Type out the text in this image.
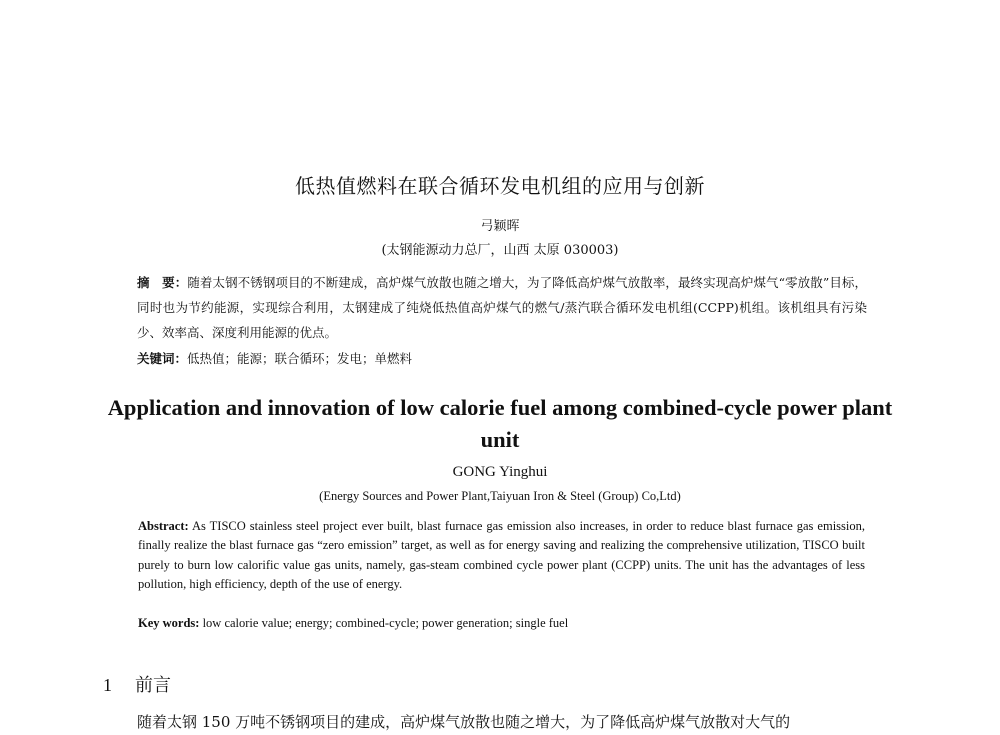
低热值燃料在联合循环发电机组的应用与创新
弓颖晖
(太钢能源动力总厂，山西 太原 030003)
摘　要：随着太钢不锈钢项目的不断建成，高炉煤气放散也随之增大，为了降低高炉煤气放散率，最终实现高炉煤气“零放散”目标，同时也为节约能源，实现综合利用，太钢建成了纯烧低热值高炉煤气的燃气/蒸汽联合循环发电机组(CCPP)机组。该机组具有污染少、效率高、深度利用能源的优点。
关键词：低热值；能源；联合循环；发电；单燃料
Application and innovation of low calorie fuel among combined-cycle power plant unit
GONG Yinghui
(Energy Sources and Power Plant,Taiyuan Iron & Steel (Group) Co,Ltd)
Abstract: As TISCO stainless steel project ever built, blast furnace gas emission also increases, in order to reduce blast furnace gas emission, finally realize the blast furnace gas “zero emission” target, as well as for energy saving and realizing the comprehensive utilization, TISCO built purely to burn low calorific value gas units, namely, gas-steam combined cycle power plant (CCPP) units. The unit has the advantages of less pollution, high efficiency, depth of the use of energy.
Key words: low calorie value; energy; combined-cycle; power generation; single fuel
1 前言
随着太钢 150 万吨不锈钢项目的建成，高炉煤气放散也随之增大，为了降低高炉煤气放散对大气的
